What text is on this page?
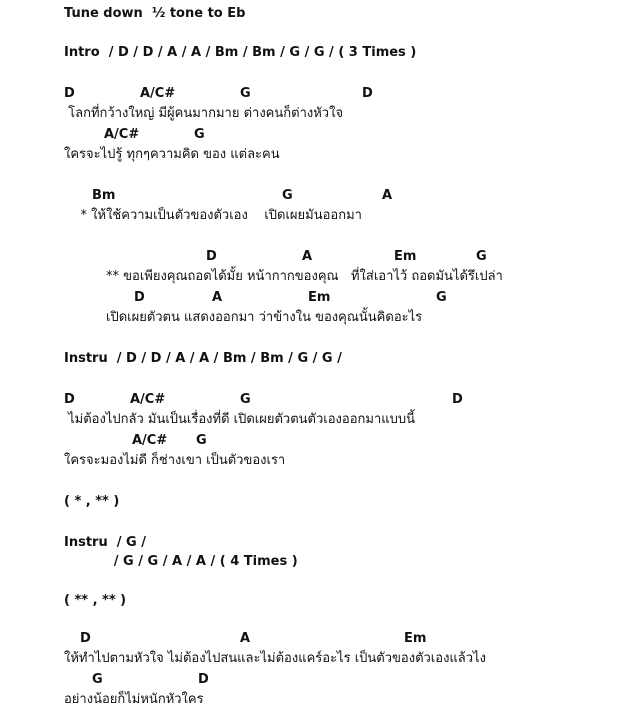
Tune down  ½ tone to Eb
Intro  / D / D / A / A / Bm / Bm / G / G / ( 3 Times )
D	A/C#	G	D
โลกที่กว้างใหญ่ มีผู้คนมากมาย ต่างคนก็ต่างหัวใจ
A/C#	G
ใครจะไปรู้ ทุกๆความคิด ของ แต่ละคน
Bm	G	A
* ให้ใช้ความเป็นตัวของตัวเอง    เปิดเผยมันออกมา
D	A	Em	G
** ขอเพียงคุณถอดได้มั้ย หน้ากากของคุณ   ที่ใส่เอาไว้ ถอดมันได้รึเปล่า
D	A	Em	G
เปิดเผยตัวตน แสดงออกมา ว่าข้างใน ของคุณนั้นคิดอะไร
Instru  / D / D / A / A / Bm / Bm / G / G /
D	A/C#	G	D
ไม่ต้องไปกลัว มันเป็นเรื่องที่ดี เปิดเผยตัวตนตัวเองออกมาแบบนี้
A/C# G
ใครจะมองไม่ดี ก็ช่างเขา เป็นตัวของเรา
( * , ** )
Instru  / G /
/ G / G / A / A / ( 4 Times )
( ** , ** )
D	A	Em
ให้ทำไปตามหัวใจ ไม่ต้องไปสนและไม่ต้องแคร์อะไร เป็นตัวของตัวเองแล้วไง
G	D
อย่างน้อยก็ไม่หนักหัวใคร
